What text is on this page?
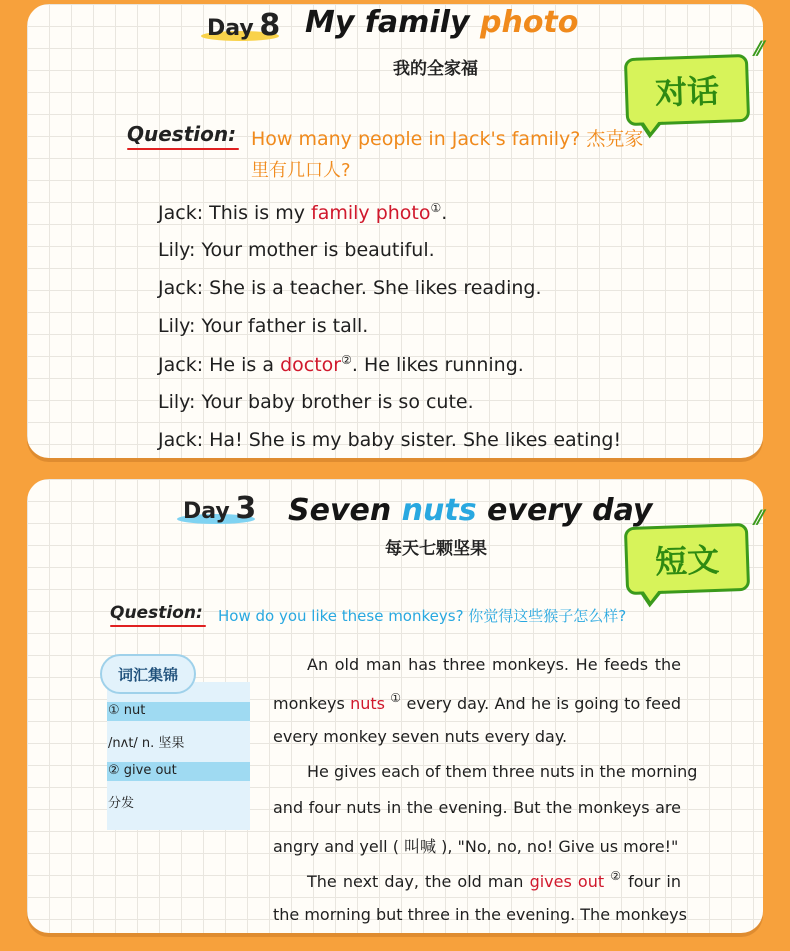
Day 8 My family photo
我的全家福
对话
⁄⁄
Question: How many people in Jack's family? 杰克家
里有几口人?
Jack: This is my family photo①.
Lily: Your mother is beautiful.
Jack: She is a teacher. She likes reading.
Lily: Your father is tall.
Jack: He is a doctor②. He likes running.
Lily: Your baby brother is so cute.
Jack: Ha! She is my baby sister. She likes eating!
Day 3 Seven nuts every day
每天七颗坚果	短文
⁄⁄
Question: How do you like these monkeys? 你觉得这些猴子怎么样?
词汇集锦
① nut
/nʌt/ n. 坚果
② give out
分发
An old man has three monkeys. He feeds the
monkeys nuts ① every day. And he is going to feed
every monkey seven nuts every day.
He gives each of them three nuts in the morning
and four nuts in the evening. But the monkeys are
angry and yell ( 叫喊 ), "No, no, no! Give us more!"
The next day, the old man gives out ② four in
the morning but three in the evening. The monkeys
